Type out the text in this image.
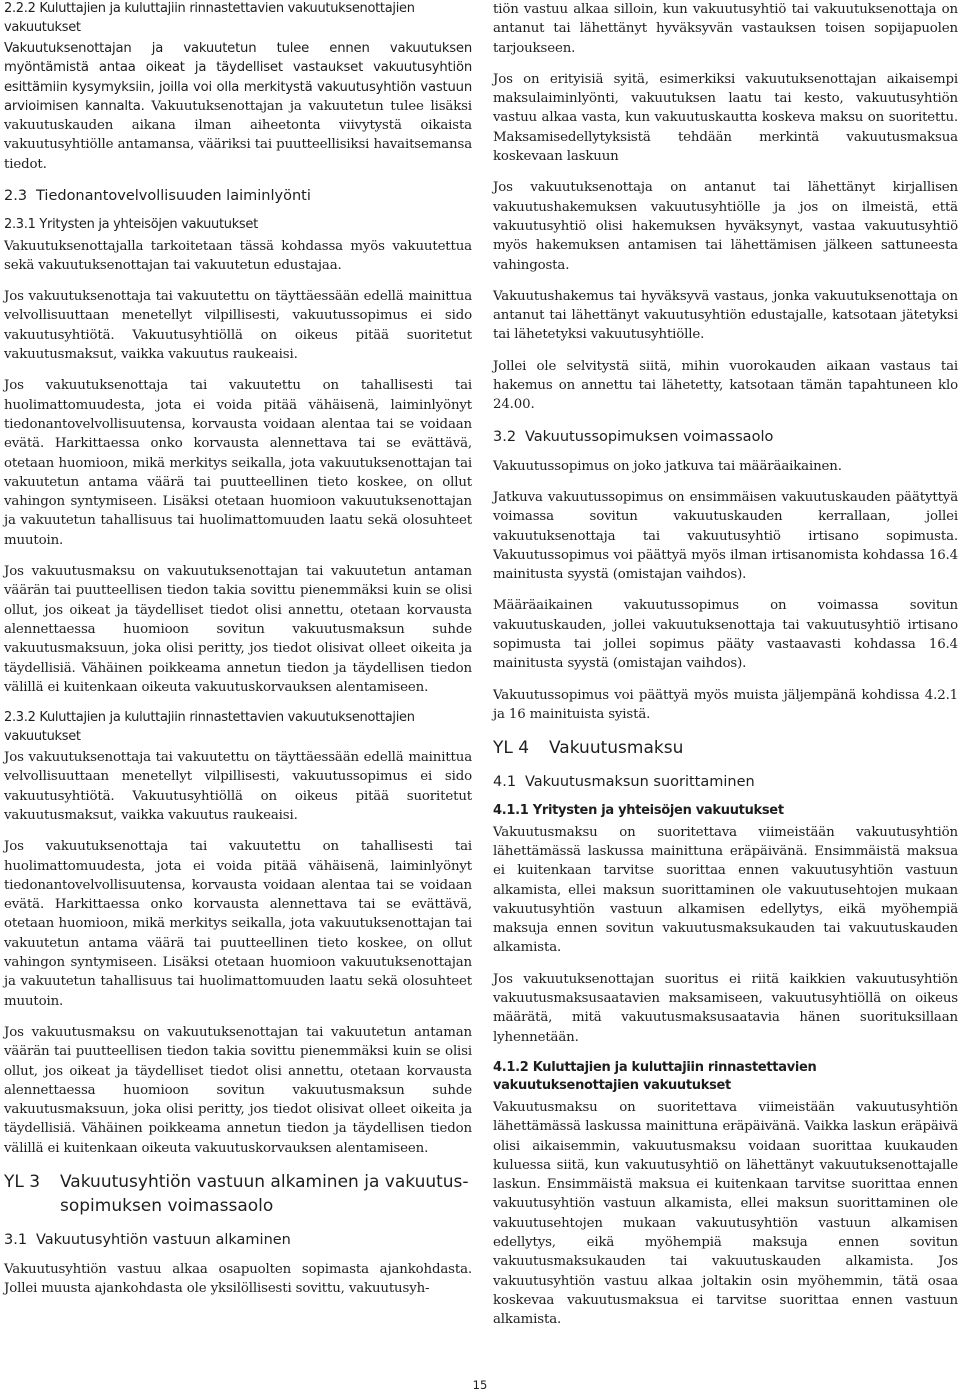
2.2.2 Kuluttajien ja kuluttajiin rinnastettavien vakuutuksenottajien vakuutukset

Vakuutuksenottajan ja vakuutetun tulee ennen vakuutuksen myöntämistä antaa oikeat ja täydelliset vastaukset vakuutusyhtiön esittämiin kysymyksiin, joilla voi olla merkitystä vakuutusyhtiön vastuun arvioimisen kannalta. Vakuutuksenottajan ja vakuutetun tulee lisäksi vakuutuskauden aikana ilman aiheetonta viivytystä oikaista vakuutusyhtiölle antamansa, vääriksi tai puutteellisiksi havaitsemansa tiedot.

2.3 Tiedonantovelvollisuuden laiminlyönti
2.3.1 Yritysten ja yhteisöjen vakuutukset

Vakuutuksenottajalla tarkoitetaan tässä kohdassa myös vakuutettua sekä vakuutuksenottajan tai vakuutetun edustajaa.

Jos vakuutuksenottaja tai vakuutettu on täyttäessään edellä mainittua velvollisuuttaan menetellyt vilpillisesti, vakuutussopimus ei sido vakuutusyhtiötä. Vakuutusyhtiöllä on oikeus pitää suoritetut vakuutusmaksut, vaikka vakuutus raukeaisi.

Jos vakuutuksenottaja tai vakuutettu on tahallisesti tai huolimattomuudesta, jota ei voida pitää vähäisenä, laiminlyönyt tiedonantovelvollisuutensa, korvausta voidaan alentaa tai se voidaan evätä. Harkittaessa onko korvausta alennettava tai se evättävä, otetaan huomioon, mikä merkitys seikalla, jota vakuutuksenottajan tai vakuutetun antama väärä tai puutteellinen tieto koskee, on ollut vahingon syntymiseen. Lisäksi otetaan huomioon vakuutuksenottajan ja vakuutetun tahallisuus tai huolimattomuuden laatu sekä olosuhteet muutoin.

Jos vakuutusmaksu on vakuutuksenottajan tai vakuutetun antaman väärän tai puutteellisen tiedon takia sovittu pienemmäksi kuin se olisi ollut, jos oikeat ja täydelliset tiedot olisi annettu, otetaan korvausta alennettaessa huomioon sovitun vakuutusmaksun suhde vakuutusmaksuun, joka olisi peritty, jos tiedot olisivat olleet oikeita ja täydellisiä. Vähäinen poikkeama annetun tiedon ja täydellisen tiedon välillä ei kuitenkaan oikeuta vakuutuskorvauksen alentamiseen.

2.3.2 Kuluttajien ja kuluttajiin rinnastettavien vakuutuksenottajien vakuutukset

Jos vakuutuksenottaja tai vakuutettu on täyttäessään edellä mainittua velvollisuuttaan menetellyt vilpillisesti, vakuutussopimus ei sido vakuutusyhtiötä. Vakuutusyhtiöllä on oikeus pitää suoritetut vakuutusmaksut, vaikka vakuutus raukeaisi.

Jos vakuutuksenottaja tai vakuutettu on tahallisesti tai huolimattomuudesta, jota ei voida pitää vähäisenä, laiminlyönyt tiedonantovelvollisuutensa, korvausta voidaan alentaa tai se voidaan evätä. Harkittaessa onko korvausta alennettava tai se evättävä, otetaan huomioon, mikä merkitys seikalla, jota vakuutuksenottajan tai vakuutetun antama väärä tai puutteellinen tieto koskee, on ollut vahingon syntymiseen. Lisäksi otetaan huomioon vakuutuksenottajan ja vakuutetun tahallisuus tai huolimattomuuden laatu sekä olosuhteet muutoin.

Jos vakuutusmaksu on vakuutuksenottajan tai vakuutetun antaman väärän tai puutteellisen tiedon takia sovittu pienemmäksi kuin se olisi ollut, jos oikeat ja täydelliset tiedot olisi annettu, otetaan korvausta alennettaessa huomioon sovitun vakuutusmaksun suhde vakuutusmaksuun, joka olisi peritty, jos tiedot olisivat olleet oikeita ja täydellisiä. Vähäinen poikkeama annetun tiedon ja täydellisen tiedon välillä ei kuitenkaan oikeuta vakuutuskorvauksen alentamiseen.

YL 3	Vakuutusyhtiön vastuun alkaminen ja vakuutus-sopimuksen voimassaolo
3.1 Vakuutusyhtiön vastuun alkaminen

Vakuutusyhtiön vastuu alkaa osapuolten sopimasta ajankohdasta. Jollei muusta ajankohdasta ole yksilöllisesti sovittu, vakuutusyh-

tiön vastuu alkaa silloin, kun vakuutusyhtiö tai vakuutuksenottaja on antanut tai lähettänyt hyväksyvän vastauksen toisen sopijapuolen tarjoukseen.

Jos on erityisiä syitä, esimerkiksi vakuutuksenottajan aikaisempi maksulaiminlyönti, vakuutuksen laatu tai kesto, vakuutusyhtiön vastuu alkaa vasta, kun vakuutuskautta koskeva maksu on suoritettu. Maksamisedellytyksistä tehdään merkintä vakuutusmaksua koskevaan laskuun

Jos vakuutuksenottaja on antanut tai lähettänyt kirjallisen vakuutushakemuksen vakuutusyhtiölle ja jos on ilmeistä, että vakuutusyhtiö olisi hakemuksen hyväksynyt, vastaa vakuutusyhtiö myös hakemuksen antamisen tai lähettämisen jälkeen sattuneesta vahingosta.

Vakuutushakemus tai hyväksyvä vastaus, jonka vakuutuksenottaja on antanut tai lähettänyt vakuutusyhtiön edustajalle, katsotaan jätetyksi tai lähetetyksi vakuutusyhtiölle.

Jollei ole selvitystä siitä, mihin vuorokauden aikaan vastaus tai hakemus on annettu tai lähetetty, katsotaan tämän tapahtuneen klo 24.00.

3.2 Vakuutussopimuksen voimassaolo

Vakuutussopimus on joko jatkuva tai määräaikainen.

Jatkuva vakuutussopimus on ensimmäisen vakuutuskauden päätyttyä voimassa sovitun vakuutuskauden kerrallaan, jollei vakuutuksenottaja tai vakuutusyhtiö irtisano sopimusta. Vakuutussopimus voi päättyä myös ilman irtisanomista kohdassa 16.4 mainitusta syystä (omistajan vaihdos).

Määräaikainen vakuutussopimus on voimassa sovitun vakuutuskauden, jollei vakuutuksenottaja tai vakuutusyhtiö irtisano sopimusta tai jollei sopimus pääty vastaavasti kohdassa 16.4 mainitusta syystä (omistajan vaihdos).

Vakuutussopimus voi päättyä myös muista jäljempänä kohdissa 4.2.1 ja 16 mainituista syistä.

YL 4	Vakuutusmaksu
4.1 Vakuutusmaksun suorittaminen
4.1.1 Yritysten ja yhteisöjen vakuutukset

Vakuutusmaksu on suoritettava viimeistään vakuutusyhtiön lähettämässä laskussa mainittuna eräpäivänä. Ensimmäistä maksua ei kuitenkaan tarvitse suorittaa ennen vakuutusyhtiön vastuun alkamista, ellei maksun suorittaminen ole vakuutusehtojen mukaan vakuutusyhtiön vastuun alkamisen edellytys, eikä myöhempiä maksuja ennen sovitun vakuutusmaksukauden tai vakuutuskauden alkamista.

Jos vakuutuksenottajan suoritus ei riitä kaikkien vakuutusyhtiön vakuutusmaksusaatavien maksamiseen, vakuutusyhtiöllä on oikeus määrätä, mitä vakuutusmaksusaatavia hänen suorituksillaan lyhennetään.

4.1.2 Kuluttajien ja kuluttajiin rinnastettavien vakuutuksenottajien vakuutukset

Vakuutusmaksu on suoritettava viimeistään vakuutusyhtiön lähettämässä laskussa mainittuna eräpäivänä. Vaikka laskun eräpäivä olisi aikaisemmin, vakuutusmaksu voidaan suorittaa kuukauden kuluessa siitä, kun vakuutusyhtiö on lähettänyt vakuutuksenottajalle laskun. Ensimmäistä maksua ei kuitenkaan tarvitse suorittaa ennen vakuutusyhtiön vastuun alkamista, ellei maksun suorittaminen ole vakuutusehtojen mukaan vakuutusyhtiön vastuun alkamisen edellytys, eikä myöhempiä maksuja ennen sovitun vakuutusmaksukauden tai vakuutuskauden alkamista. Jos vakuutusyhtiön vastuu alkaa joltakin osin myöhemmin, tätä osaa koskevaa vakuutusmaksua ei tarvitse suorittaa ennen vastuun alkamista.

15
